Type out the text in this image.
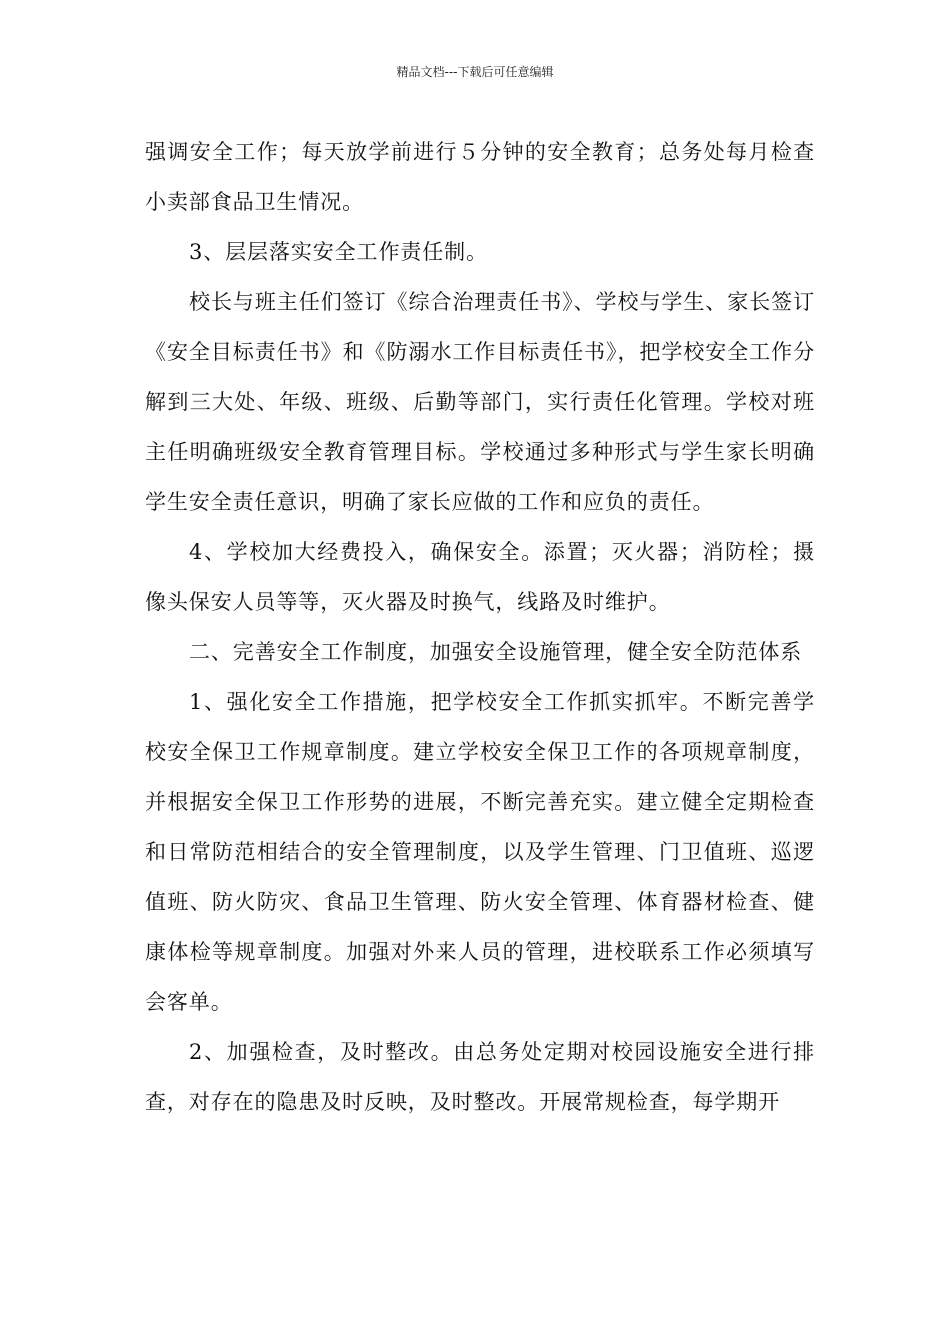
精品文档---下载后可任意编辑

强调安全工作；每天放学前进行５分钟的安全教育；总务处每月检查小卖部食品卫生情况。

3、层层落实安全工作责任制。

校长与班主任们签订《综合治理责任书》、学校与学生、家长签订《安全目标责任书》和《防溺水工作目标责任书》，把学校安全工作分解到三大处、年级、班级、后勤等部门，实行责任化管理。学校对班主任明确班级安全教育管理目标。学校通过多种形式与学生家长明确学生安全责任意识，明确了家长应做的工作和应负的责任。

4、学校加大经费投入，确保安全。添置；灭火器；消防栓；摄像头保安人员等等，灭火器及时换气，线路及时维护。

二、完善安全工作制度，加强安全设施管理，健全安全防范体系

1、强化安全工作措施，把学校安全工作抓实抓牢。不断完善学校安全保卫工作规章制度。建立学校安全保卫工作的各项规章制度，并根据安全保卫工作形势的进展，不断完善充实。建立健全定期检查和日常防范相结合的安全管理制度，以及学生管理、门卫值班、巡逻值班、防火防灾、食品卫生管理、防火安全管理、体育器材检查、健康体检等规章制度。加强对外来人员的管理，进校联系工作必须填写会客单。

2、加强检查，及时整改。由总务处定期对校园设施安全进行排查，对存在的隐患及时反映，及时整改。开展常规检查，每学期开
